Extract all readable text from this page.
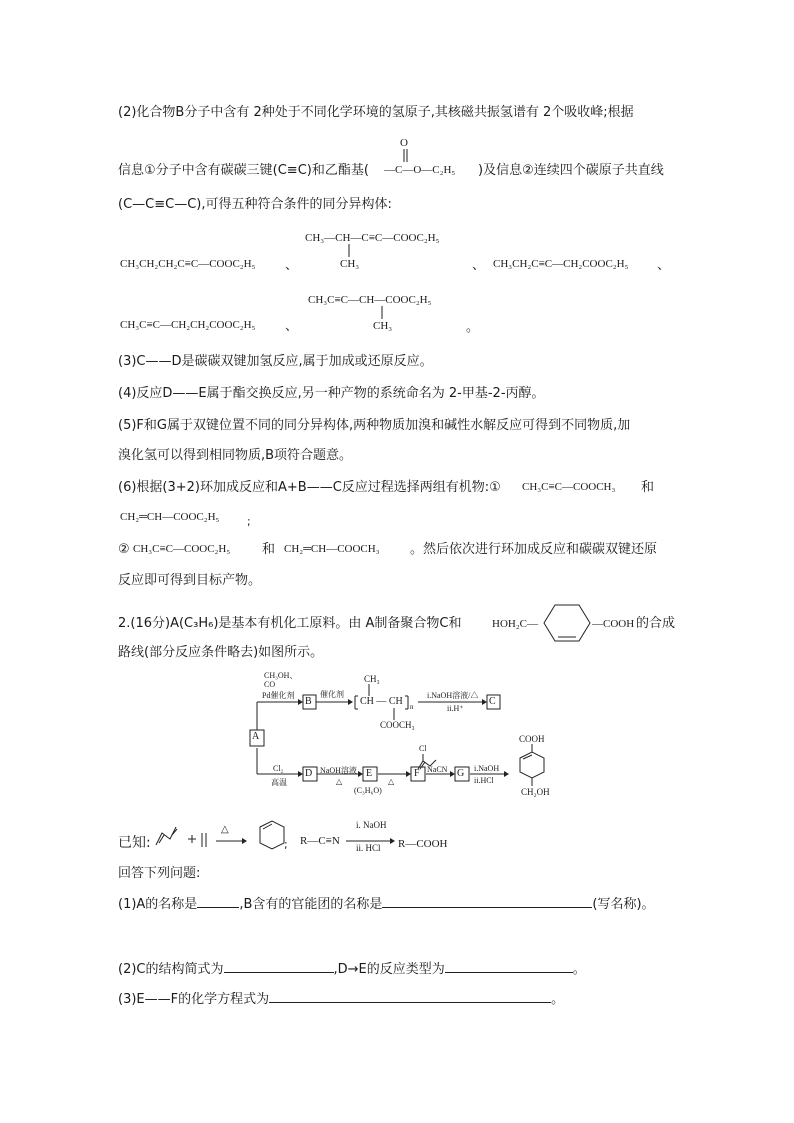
(2)化合物B分子中含有 2种处于不同化学环境的氢原子,其核磁共振氢谱有 2个吸收峰;根据
O
信息①分子中含有碳碳三键(C≡C)和乙酯基( —C—O—C₂H₅ )及信息②连续四个碳原子共直线
(C—C≡C—C),可得五种符合条件的同分异构体:
CH₃CH₂CH₂C≡C—COOC₂H₅ 、
CH₃—CH—C≡C—COOC₂H₅
CH₃	、 CH₃CH₂C≡C—CH₂COOC₂H₅ 、
CH₃C≡C—CH₂CH₂COOC₂H₅ 、
CH₃C≡C—CH—COOC₂H₅
CH₃	。
(3)C——D是碳碳双键加氢反应,属于加成或还原反应。
(4)反应D——E属于酯交换反应,另一种产物的系统命名为 2-甲基-2-丙醇。
(5)F和G属于双键位置不同的同分异构体,两种物质加溴和碱性水解反应可得到不同物质,加
溴化氢可以得到相同物质,B项符合题意。
(6)根据(3+2)环加成反应和A+B——C反应过程选择两组有机物:① CH₃C≡C—COOCH₃ 和
CH₂═CH—COOC₂H₅	;
② CH₃C≡C—COOC₂H₅ 和 CH₂═CH—COOCH₃ 。然后依次进行环加成反应和碳碳双键还原
反应即可得到目标产物。
2.(16分)A(C₃H₆)是基本有机化工原料。由 A制备聚合物C和	HOH₂C—	—COOH 的合成
路线(部分反应条件略去)如图所示。
A
B	C
D	E	F	G
CH₃OH、
CO
Pd催化剂	催化剂
CH₃
CH — CH n
COOCH₃
i.NaOH溶液/△
ii.H⁺
Cl₂
高温
NaOH溶液
△
(C₃H₆O)
Cl
△
NaCN	i.NaOH
ii.HCl
COOH
CH₂OH
已知:
△
; R—C≡N
i. NaOH
ii. HCl R—COOH
回答下列问题:
(1)A的名称是	,B含有的官能团的名称是	(写名称)。
(2)C的结构简式为	,D→E的反应类型为	。
(3)E——F的化学方程式为	。
